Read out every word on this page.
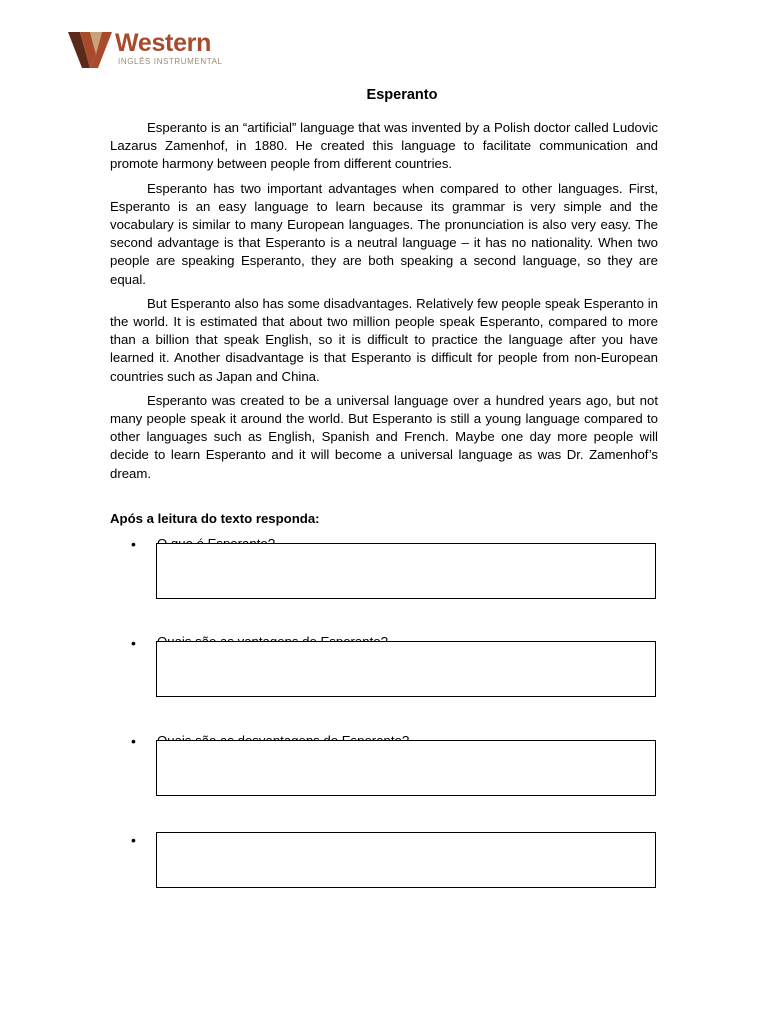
Western
INGLÊS INSTRUMENTAL
Esperanto

Esperanto is an “artificial” language that was invented by a Polish doctor called Ludovic Lazarus Zamenhof, in 1880. He created this language to facilitate communication and promote harmony between people from different countries.

Esperanto has two important advantages when compared to other languages. First, Esperanto is an easy language to learn because its grammar is very simple and the vocabulary is similar to many European languages. The pronunciation is also very easy. The second advantage is that Esperanto is a neutral language – it has no nationality. When two people are speaking Esperanto, they are both speaking a second language, so they are equal.

But Esperanto also has some disadvantages. Relatively few people speak Esperanto in the world. It is estimated that about two million people speak Esperanto, compared to more than a billion that speak English, so it is difficult to practice the language after you have learned it. Another disadvantage is that Esperanto is difficult for people from non-European countries such as Japan and China.

Esperanto was created to be a universal language over a hundred years ago, but not many people speak it around the world. But Esperanto is still a young language compared to other languages such as English, Spanish and French. Maybe one day more people will decide to learn Esperanto and it will become a universal language as was Dr. Zamenhof’s dream.

Após a leitura do texto responda:
•
•
•
•
